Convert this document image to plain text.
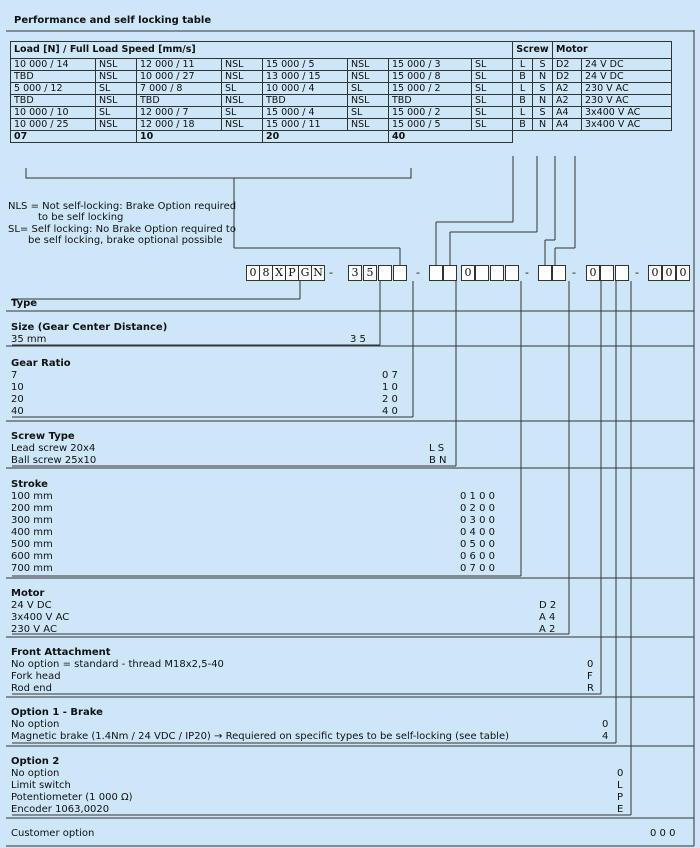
Performance and self locking table
Load [N] / Full Load Speed [mm/s]								Screw		Motor	
10 000 / 14	NSL	12 000 / 11	NSL	15 000 / 5	NSL	15 000 / 3	SL	L	S	D2	24 V DC
TBD	NSL	10 000 / 27	NSL	13 000 / 15	NSL	15 000 / 8	SL	B	N	D2	24 V DC
5 000 / 12	SL	7 000 / 8	SL	10 000 / 4	SL	15 000 / 2	SL	L	S	A2	230 V AC
TBD	NSL	TBD	NSL	TBD	NSL	TBD	SL	B	N	A2	230 V AC
10 000 / 10	SL	12 000 / 7	SL	15 000 / 4	SL	15 000 / 2	SL	L	S	A4	3x400 V AC
10 000 / 25	NSL	12 000 / 18	NSL	15 000 / 11	NSL	15 000 / 5	SL	B	N	A4	3x400 V AC
07		10		20		40					
NLS = Not self-locking: Brake Option required
to be self locking
SL= Self locking: No Brake Option required to
be self locking, brake optional possible
0 8 X P G N -	3 5	-	0	-	-	0	-	0 0 0
Type
Size (Gear Center Distance)
35 mm	3 5
Gear Ratio
7	0 7
10	1 0
20	2 0
40	4 0
Screw Type
Lead screw 20x4	L S
Ball screw 25x10	B N
Stroke
100 mm	0 1 0 0
200 mm	0 2 0 0
300 mm	0 3 0 0
400 mm	0 4 0 0
500 mm	0 5 0 0
600 mm	0 6 0 0
700 mm	0 7 0 0
Motor
24 V DC	D 2
3x400 V AC	A 4
230 V AC	A 2
Front Attachment
No option = standard - thread M18x2,5-40	0
Fork head	F
Rod end	R
Option 1 - Brake
No option	0
Magnetic brake (1.4Nm / 24 VDC / IP20) → Requiered on specific types to be self-locking (see table)	4
Option 2
No option	0
Limit switch	L
Potentiometer (1 000 Ω)	P
Encoder 1063,0020	E
Customer option	0 0 0
